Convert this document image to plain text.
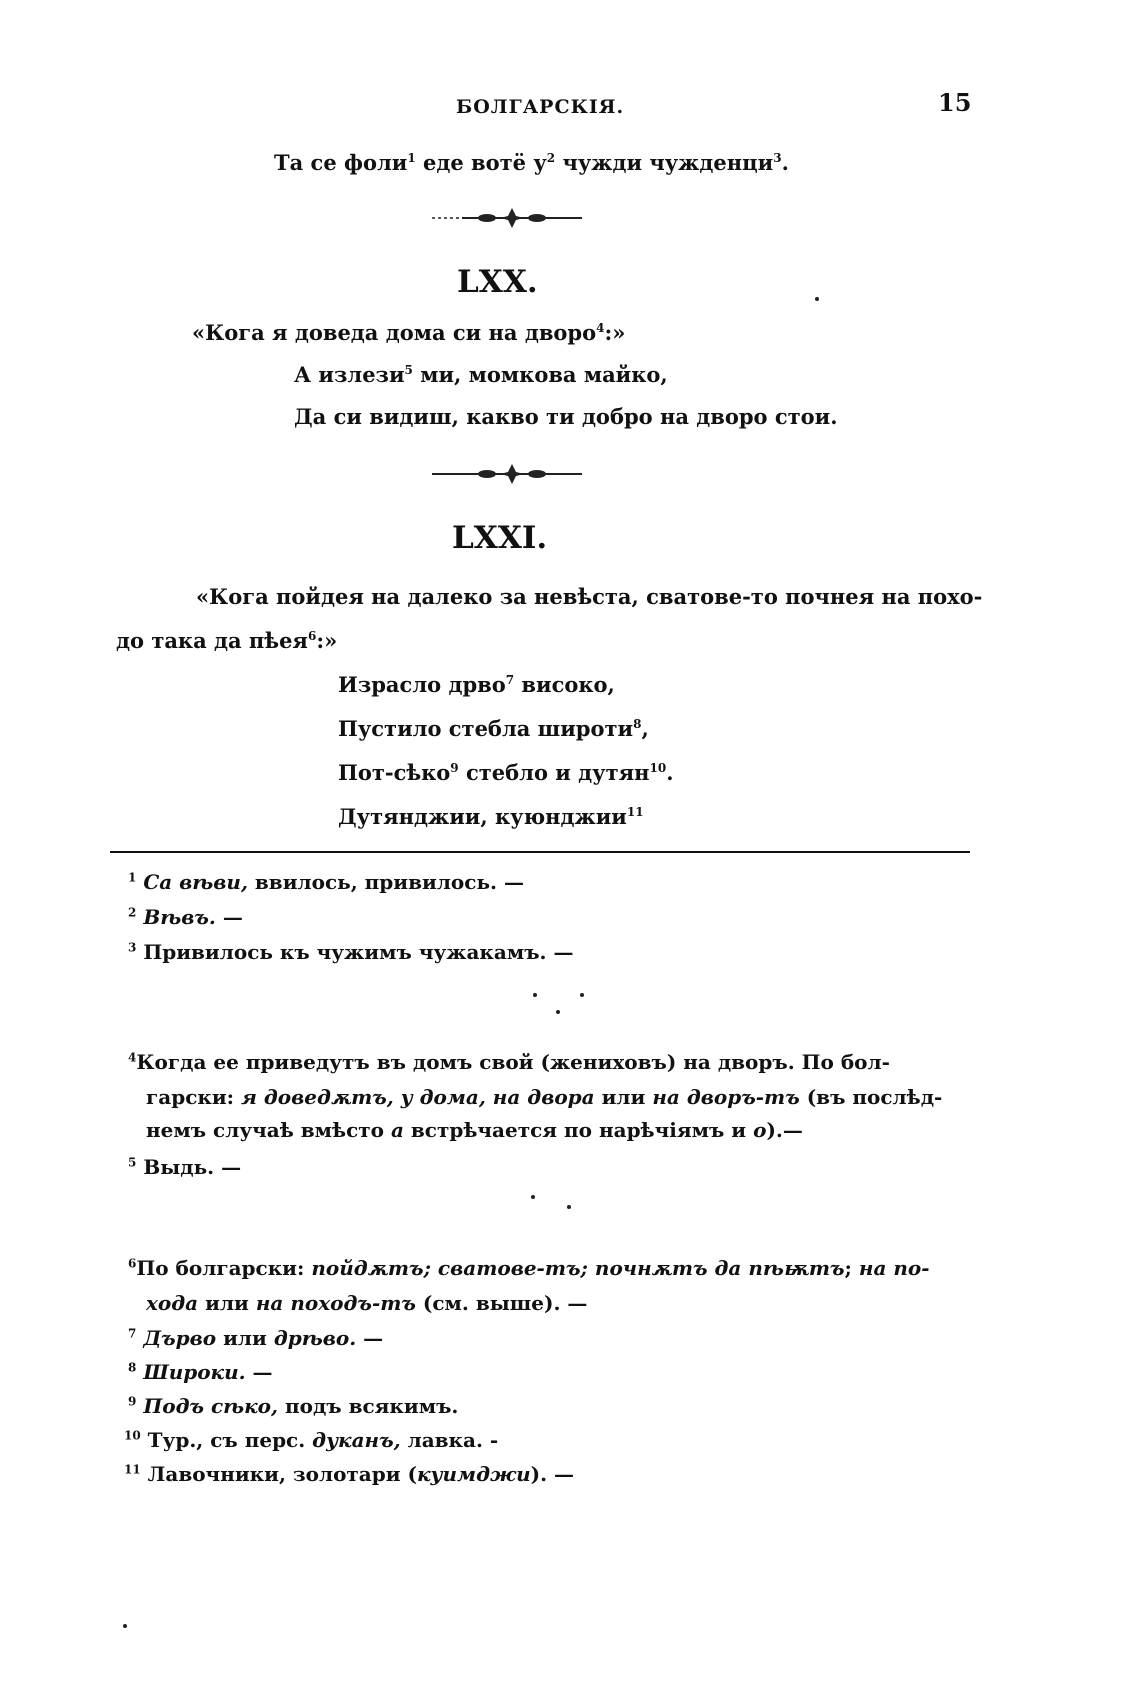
БОЛГАРСКІЯ.	15
Та се фоли$^1$ еде вотё $у^2$ чужди чужденци$^3$.
LXX.
«Кога я доведа дома си на дворо$^4$:»
А излези$^5$ ми, момкова майко,
Да си видиш, какво ти добро на дворо стои.
LXXI.
«Кога пойдея на далеко за невѣста, сватове-то почнея на похо-
до така да пѣея$^6$:»
Израсло дрво$^7$ високо,
Пустило стебла широти$^8$,
Пот-сѣко$^9$ стебло и дутян$^{10}$.
Дутянджии, куюнджии$^{11}$
$^1$ Са вѣви, ввилось, привилось. —
$^2$ Вѣвъ. —
$^3$ Привилось къ чужимъ чужакамъ. —
$^4$Когда ее приведутъ въ домъ свой (жениховъ) на дворъ. По бол-
гарски: я доведѫтъ, у дома, на двора или на дворъ-тъ (въ послѣд-
немъ случаѣ вмѣсто а встрѣчается по нарѣчіямъ и о).—
$^5$ Выдь. —
$^6$По болгарски: пойдѫтъ; сватове-тъ; почнѫтъ да пѣѭтъ; на по-
хода или на походъ-тъ (см. выше). —
$^7$ Дърво или дрѣво. —
$^8$ Широки. —
$^9$ Подъ сѣко, подъ всякимъ.
$^{10}$ Тур., съ перс. дуканъ, лавка. -
$^{11}$ Лавочники, золотари (куимджи). —
